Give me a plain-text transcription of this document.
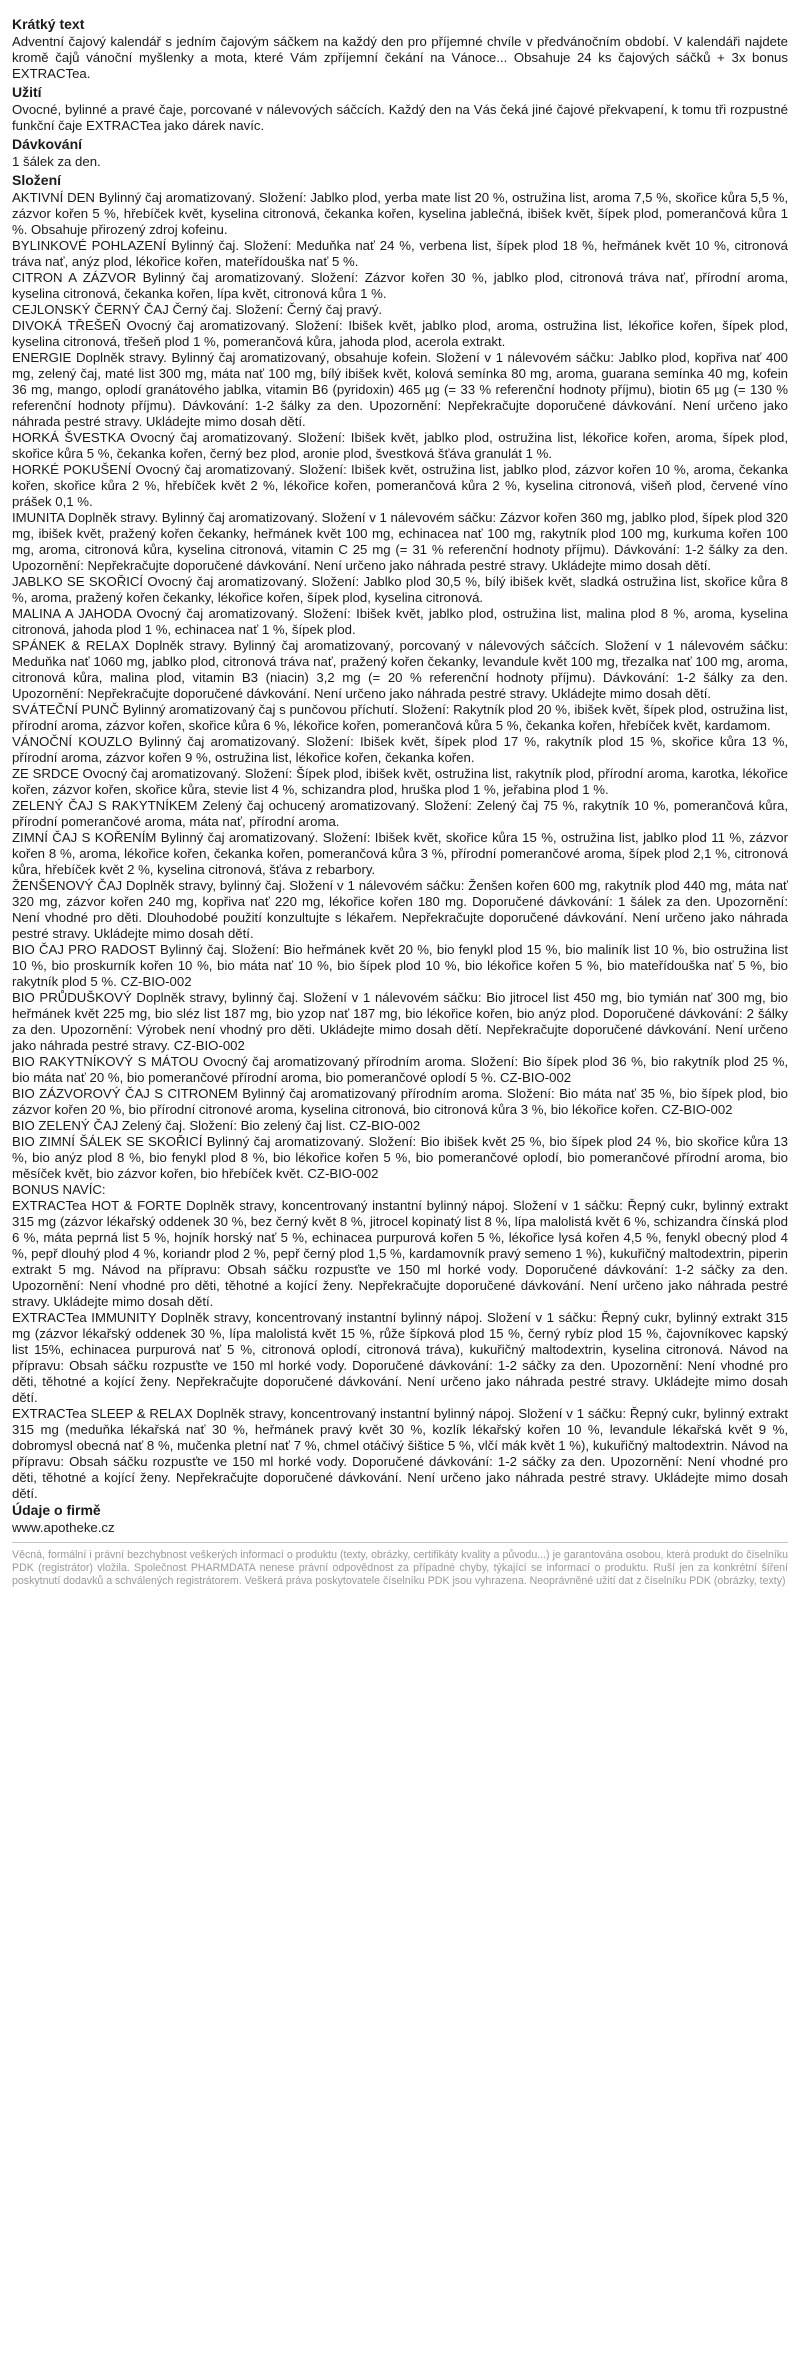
Krátký text
Adventní čajový kalendář s jedním čajovým sáčkem na každý den pro příjemné chvíle v předvánočním období. V kalendáři najdete kromě čajů vánoční myšlenky a mota, které Vám zpříjemní čekání na Vánoce... Obsahuje 24 ks čajových sáčků + 3x bonus EXTRACTea.
Užití
Ovocné, bylinné a pravé čaje, porcované v nálevových sáčcích. Každý den na Vás čeká jiné čajové překvapení, k tomu tři rozpustné funkční čaje EXTRACTea jako dárek navíc.
Dávkování
1 šálek za den.
Složení
AKTIVNÍ DEN Bylinný čaj aromatizovaný. Složení: Jablko plod, yerba mate list 20 %, ostružina list, aroma 7,5 %, skořice kůra 5,5 %, zázvor kořen 5 %, hřebíček květ, kyselina citronová, čekanka kořen, kyselina jablečná, ibišek květ, šípek plod, pomerančová kůra 1 %. Obsahuje přirozený zdroj kofeinu.
BYLINKOVÉ POHLAZENÍ Bylinný čaj. Složení: Meduňka nať 24 %, verbena list, šípek plod 18 %, heřmánek květ 10 %, citronová tráva nať, anýz plod, lékořice kořen, mateřídouška nať 5 %.
CITRON A ZÁZVOR Bylinný čaj aromatizovaný. Složení: Zázvor kořen 30 %, jablko plod, citronová tráva nať, přírodní aroma, kyselina citronová, čekanka kořen, lípa květ, citronová kůra 1 %.
CEJLONSKÝ ČERNÝ ČAJ Černý čaj. Složení: Černý čaj pravý.
DIVOKÁ TŘEŠEŇ Ovocný čaj aromatizovaný. Složení: Ibišek květ, jablko plod, aroma, ostružina list, lékořice kořen, šípek plod, kyselina citronová, třešeň plod 1 %, pomerančová kůra, jahoda plod, acerola extrakt.
ENERGIE Doplněk stravy. Bylinný čaj aromatizovaný, obsahuje kofein. Složení v 1 nálevovém sáčku: Jablko plod, kopřiva nať 400 mg, zelený čaj, maté list 300 mg, máta nať 100 mg, bílý ibišek květ, kolová semínka 80 mg, aroma, guarana semínka 40 mg, kofein 36 mg, mango, oplodí granátového jablka, vitamin B6 (pyridoxin) 465 µg (= 33 % referenční hodnoty příjmu), biotin 65 µg (= 130 % referenční hodnoty příjmu). Dávkování: 1-2 šálky za den. Upozornění: Nepřekračujte doporučené dávkování. Není určeno jako náhrada pestré stravy. Ukládejte mimo dosah dětí.
HORKÁ ŠVESTKA Ovocný čaj aromatizovaný. Složení: Ibišek květ, jablko plod, ostružina list, lékořice kořen, aroma, šípek plod, skořice kůra 5 %, čekanka kořen, černý bez plod, aronie plod, švestková šťáva granulát 1 %.
HORKÉ POKUŠENÍ Ovocný čaj aromatizovaný. Složení: Ibišek květ, ostružina list, jablko plod, zázvor kořen 10 %, aroma, čekanka kořen, skořice kůra 2 %, hřebíček květ 2 %, lékořice kořen, pomerančová kůra 2 %, kyselina citronová, višeň plod, červené víno prášek 0,1 %.
IMUNITA Doplněk stravy. Bylinný čaj aromatizovaný. Složení v 1 nálevovém sáčku: Zázvor kořen 360 mg, jablko plod, šípek plod 320 mg, ibišek květ, pražený kořen čekanky, heřmánek květ 100 mg, echinacea nať 100 mg, rakytník plod 100 mg, kurkuma kořen 100 mg, aroma, citronová kůra, kyselina citronová, vitamin C 25 mg (= 31 % referenční hodnoty příjmu). Dávkování: 1-2 šálky za den. Upozornění: Nepřekračujte doporučené dávkování. Není určeno jako náhrada pestré stravy. Ukládejte mimo dosah dětí.
JABLKO SE SKOŘICÍ Ovocný čaj aromatizovaný. Složení: Jablko plod 30,5 %, bílý ibišek květ, sladká ostružina list, skořice kůra 8 %, aroma, pražený kořen čekanky, lékořice kořen, šípek plod, kyselina citronová.
MALINA A JAHODA Ovocný čaj aromatizovaný. Složení: Ibišek květ, jablko plod, ostružina list, malina plod 8 %, aroma, kyselina citronová, jahoda plod 1 %, echinacea nať 1 %, šípek plod.
SPÁNEK & RELAX Doplněk stravy. Bylinný čaj aromatizovaný, porcovaný v nálevových sáčcích. Složení v 1 nálevovém sáčku: Meduňka nať 1060 mg, jablko plod, citronová tráva nať, pražený kořen čekanky, levandule květ 100 mg, třezalka nať 100 mg, aroma, citronová kůra, malina plod, vitamin B3 (niacin) 3,2 mg (= 20 % referenční hodnoty příjmu). Dávkování: 1-2 šálky za den. Upozornění: Nepřekračujte doporučené dávkování. Není určeno jako náhrada pestré stravy. Ukládejte mimo dosah dětí.
SVÁTEČNÍ PUNČ Bylinný aromatizovaný čaj s punčovou příchutí. Složení: Rakytník plod 20 %, ibišek květ, šípek plod, ostružina list, přírodní aroma, zázvor kořen, skořice kůra 6 %, lékořice kořen, pomerančová kůra 5 %, čekanka kořen, hřebíček květ, kardamom.
VÁNOČNÍ KOUZLO Bylinný čaj aromatizovaný. Složení: Ibišek květ, šípek plod 17 %, rakytník plod 15 %, skořice kůra 13 %, přírodní aroma, zázvor kořen 9 %, ostružina list, lékořice kořen, čekanka kořen.
ZE SRDCE Ovocný čaj aromatizovaný. Složení: Šípek plod, ibišek květ, ostružina list, rakytník plod, přírodní aroma, karotka, lékořice kořen, zázvor kořen, skořice kůra, stevie list 4 %, schizandra plod, hruška plod 1 %, jeřabina plod 1 %.
ZELENÝ ČAJ S RAKYTNÍKEM Zelený čaj ochucený aromatizovaný. Složení: Zelený čaj 75 %, rakytník 10 %, pomerančová kůra, přírodní pomerančové aroma, máta nať, přírodní aroma.
ZIMNÍ ČAJ S KOŘENÍM Bylinný čaj aromatizovaný. Složení: Ibišek květ, skořice kůra 15 %, ostružina list, jablko plod 11 %, zázvor kořen 8 %, aroma, lékořice kořen, čekanka kořen, pomerančová kůra 3 %, přírodní pomerančové aroma, šípek plod 2,1 %, citronová kůra, hřebíček květ 2 %, kyselina citronová, šťáva z rebarbory.
ŽENŠENOVÝ ČAJ Doplněk stravy, bylinný čaj. Složení v 1 nálevovém sáčku: Ženšen kořen 600 mg, rakytník plod 440 mg, máta nať 320 mg, zázvor kořen 240 mg, kopřiva nať 220 mg, lékořice kořen 180 mg. Doporučené dávkování: 1 šálek za den. Upozornění: Není vhodné pro děti. Dlouhodobé použití konzultujte s lékařem. Nepřekračujte doporučené dávkování. Není určeno jako náhrada pestré stravy. Ukládejte mimo dosah dětí.
BIO ČAJ PRO RADOST Bylinný čaj. Složení: Bio heřmánek květ 20 %, bio fenykl plod 15 %, bio maliník list 10 %, bio ostružina list 10 %, bio proskurník kořen 10 %, bio máta nať 10 %, bio šípek plod 10 %, bio lékořice kořen 5 %, bio mateřídouška nať 5 %, bio rakytník plod 5 %. CZ-BIO-002
BIO PRŮDUŠKOVÝ Doplněk stravy, bylinný čaj. Složení v 1 nálevovém sáčku: Bio jitrocel list 450 mg, bio tymián nať 300 mg, bio heřmánek květ 225 mg, bio sléz list 187 mg, bio yzop nať 187 mg, bio lékořice kořen, bio anýz plod. Doporučené dávkování: 2 šálky za den. Upozornění: Výrobek není vhodný pro děti. Ukládejte mimo dosah dětí. Nepřekračujte doporučené dávkování. Není určeno jako náhrada pestré stravy. CZ-BIO-002
BIO RAKYTNÍKOVÝ S MÁTOU Ovocný čaj aromatizovaný přírodním aroma. Složení: Bio šípek plod 36 %, bio rakytník plod 25 %, bio máta nať 20 %, bio pomerančové přírodní aroma, bio pomerančové oplodí 5 %. CZ-BIO-002
BIO ZÁZVOROVÝ ČAJ S CITRONEM Bylinný čaj aromatizovaný přírodním aroma. Složení: Bio máta nať 35 %, bio šípek plod, bio zázvor kořen 20 %, bio přírodní citronové aroma, kyselina citronová, bio citronová kůra 3 %, bio lékořice kořen. CZ-BIO-002
BIO ZELENÝ ČAJ Zelený čaj. Složení: Bio zelený čaj list. CZ-BIO-002
BIO ZIMNÍ ŠÁLEK SE SKOŘICÍ Bylinný čaj aromatizovaný. Složení: Bio ibišek květ 25 %, bio šípek plod 24 %, bio skořice kůra 13 %, bio anýz plod 8 %, bio fenykl plod 8 %, bio lékořice kořen 5 %, bio pomerančové oplodí, bio pomerančové přírodní aroma, bio měsíček květ, bio zázvor kořen, bio hřebíček květ. CZ-BIO-002
BONUS NAVÍC:
EXTRACTea HOT & FORTE Doplněk stravy, koncentrovaný instantní bylinný nápoj. Složení v 1 sáčku: Řepný cukr, bylinný extrakt 315 mg (zázvor lékařský oddenek 30 %, bez černý květ 8 %, jitrocel kopinatý list 8 %, lípa malolistá květ 6 %, schizandra čínská plod 6 %, máta peprná list 5 %, hojník horský nať 5 %, echinacea purpurová kořen 5 %, lékořice lysá kořen 4,5 %, fenykl obecný plod 4 %, pepř dlouhý plod 4 %, koriandr plod 2 %, pepř černý plod 1,5 %, kardamovník pravý semeno 1 %), kukuřičný maltodextrin, piperin extrakt 5 mg. Návod na přípravu: Obsah sáčku rozpusťte ve 150 ml horké vody. Doporučené dávkování: 1-2 sáčky za den. Upozornění: Není vhodné pro děti, těhotné a kojící ženy. Nepřekračujte doporučené dávkování. Není určeno jako náhrada pestré stravy. Ukládejte mimo dosah dětí.
EXTRACTea IMMUNITY Doplněk stravy, koncentrovaný instantní bylinný nápoj. Složení v 1 sáčku: Řepný cukr, bylinný extrakt 315 mg (zázvor lékařský oddenek 30 %, lípa malolistá květ 15 %, růže šípková plod 15 %, černý rybíz plod 15 %, čajovníkovec kapský list 15%, echinacea purpurová nať 5 %, citronová oplodí, citronová tráva), kukuřičný maltodextrin, kyselina citronová. Návod na přípravu: Obsah sáčku rozpusťte ve 150 ml horké vody. Doporučené dávkování: 1-2 sáčky za den. Upozornění: Není vhodné pro děti, těhotné a kojící ženy. Nepřekračujte doporučené dávkování. Není určeno jako náhrada pestré stravy. Ukládejte mimo dosah dětí.
EXTRACTea SLEEP & RELAX Doplněk stravy, koncentrovaný instantní bylinný nápoj. Složení v 1 sáčku: Řepný cukr, bylinný extrakt 315 mg (meduňka lékařská nať 30 %, heřmánek pravý květ 30 %, kozlík lékařský kořen 10 %, levandule lékařská květ 9 %, dobromysl obecná nať 8 %, mučenka pletní nať 7 %, chmel otáčivý šištice 5 %, vlčí mák květ 1 %), kukuřičný maltodextrin. Návod na přípravu: Obsah sáčku rozpusťte ve 150 ml horké vody. Doporučené dávkování: 1-2 sáčky za den. Upozornění: Není vhodné pro děti, těhotné a kojící ženy. Nepřekračujte doporučené dávkování. Není určeno jako náhrada pestré stravy. Ukládejte mimo dosah dětí.
Údaje o firmě
www.apotheke.cz
Věcná, formální i právní bezchybnost veškerých informací o produktu (texty, obrázky, certifikáty kvality a původu...) je garantována osobou, která produkt do číselníku PDK (registrátor) vložila. Společnost PHARMDATA nenese právní odpovědnost za případné chyby, týkající se informací o produktu. Ruší jen za konkrétní šíření poskytnutí dodavků a schválených registrátorem. Veškerá práva poskytovatele číselníku PDK jsou vyhrazena. Neoprávněné užití dat z číselníku PDK (obrázky, texty)
